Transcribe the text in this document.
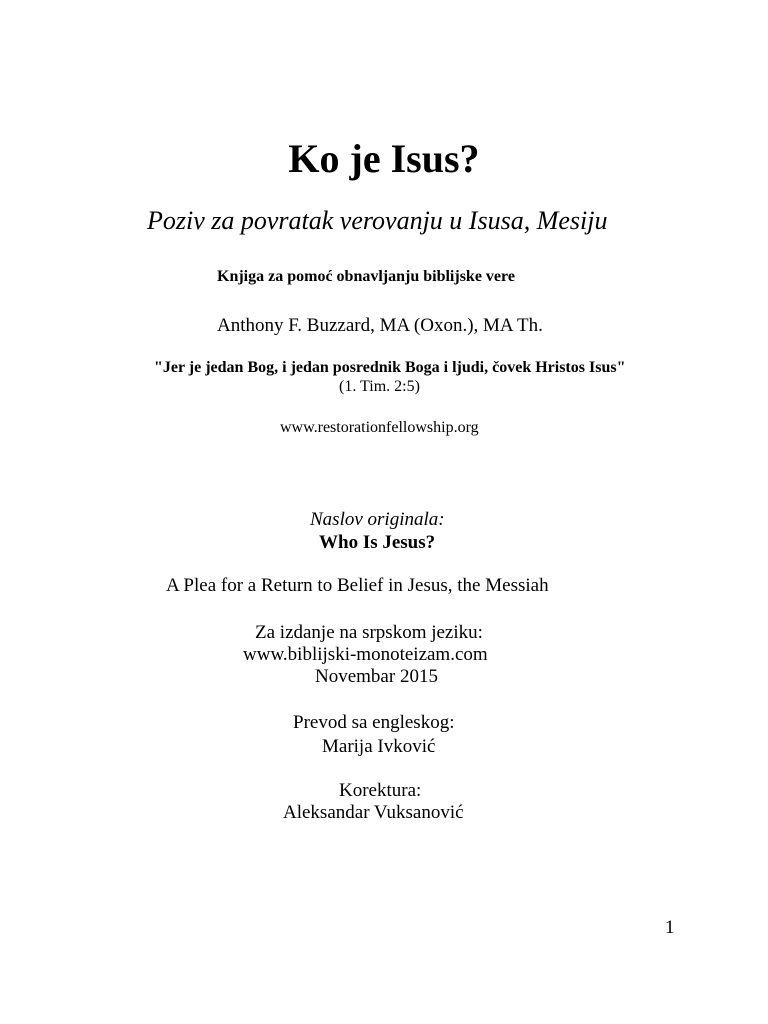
Ko je Isus?
Poziv za povratak verovanju u Isusa, Mesiju
Knjiga za pomoć obnavljanju biblijske vere
Anthony F. Buzzard, MA (Oxon.), MA Th.
"Jer je jedan Bog, i jedan posrednik Boga i ljudi, čovek Hristos Isus"
(1. Tim. 2:5)
www.restorationfellowship.org
Naslov originala:
Who Is Jesus?
A Plea for a Return to Belief in Jesus, the Messiah
Za izdanje na srpskom jeziku:
www.biblijski-monoteizam.com
Novembar 2015
Prevod sa engleskog:
Marija Ivković
Korektura:
Aleksandar Vuksanović
1
